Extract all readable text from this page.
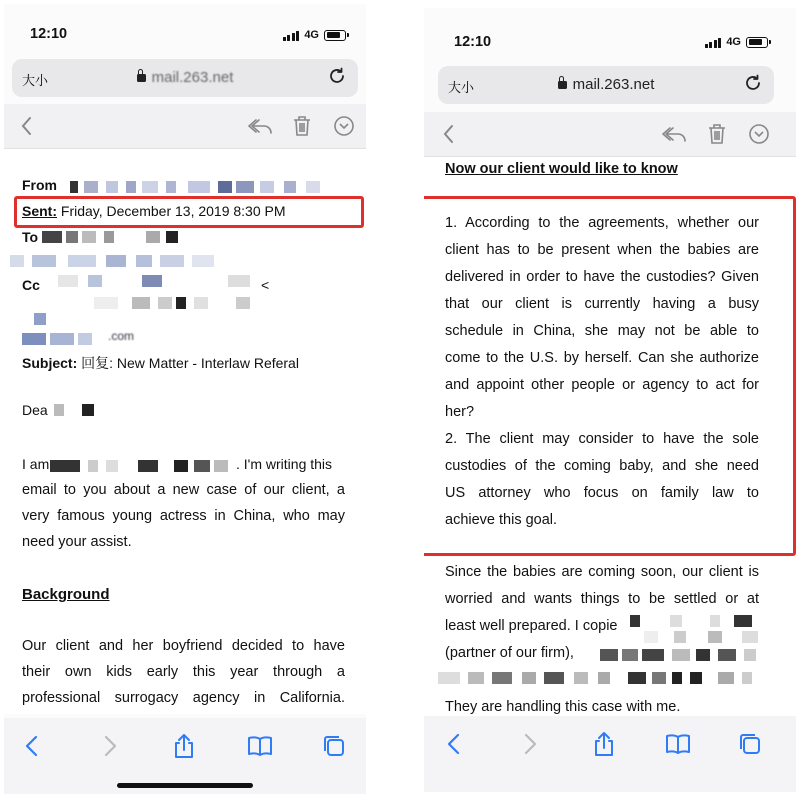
12:10	4G
大小	mail.263.net
From
Sent: Friday, December 13, 2019 8:30 PM
To
Cc	<
.com
Subject: 回复: New Matter - Interlaw Referal
Dea
I am	. I'm writing this
email to you about a new case of our client, a
very famous young actress in China, who may
need your assist.
Background
Our client and her boyfriend decided to have
their own kids early this year through a
professional surrogacy agency in California.
12:10	4G
大小	mail.263.net
Now our client would like to know
1. According to the agreements, whether our
client has to be present when the babies are
delivered in order to have the custodies? Given
that our client is currently having a busy
schedule in China, she may not be able to
come to the U.S. by herself. Can she authorize
and appoint other people or agency to act for
her?
2. The client may consider to have the sole
custodies of the coming baby, and she need
US attorney who focus on family law to
achieve this goal.
Since the babies are coming soon, our client is
worried and wants things to be settled or at
least well prepared. I copie
(partner of our firm),
They are handling this case with me.
